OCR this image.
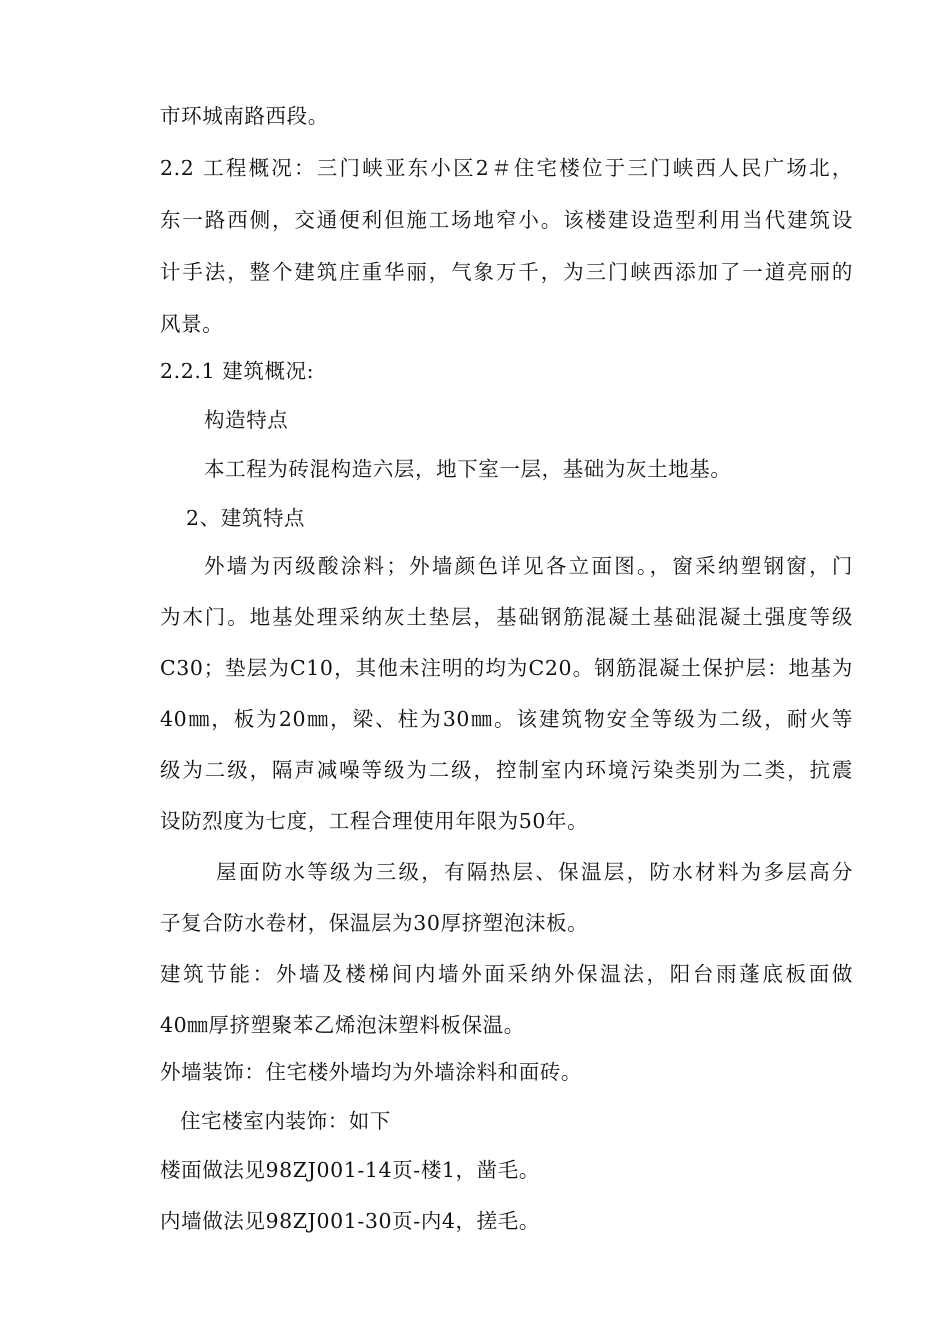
市环城南路西段。
2.2 工程概况：三门峡亚东小区2＃住宅楼位于三门峡西人民广场北，
东一路西侧，交通便利但施工场地窄小。该楼建设造型利用当代建筑设
计手法，整个建筑庄重华丽，气象万千，为三门峡西添加了一道亮丽的
风景。
2.2.1 建筑概况:
构造特点
本工程为砖混构造六层，地下室一层，基础为灰土地基。
2、建筑特点
外墙为丙级酸涂料；外墙颜色详见各立面图。，窗采纳塑钢窗，门
为木门。地基处理采纳灰土垫层，基础钢筋混凝土基础混凝土强度等级
C30；垫层为C10，其他未注明的均为C20。钢筋混凝土保护层：地基为
40㎜，板为20㎜，梁、柱为30㎜。该建筑物安全等级为二级，耐火等
级为二级，隔声减噪等级为二级，控制室内环境污染类别为二类，抗震
设防烈度为七度，工程合理使用年限为50年。
屋面防水等级为三级，有隔热层、保温层，防水材料为多层高分
子复合防水卷材，保温层为30厚挤塑泡沫板。
建筑节能：外墙及楼梯间内墙外面采纳外保温法，阳台雨蓬底板面做
40㎜厚挤塑聚苯乙烯泡沫塑料板保温。
外墙装饰：住宅楼外墙均为外墙涂料和面砖。
住宅楼室内装饰：如下
楼面做法见98ZJ001-14页-楼1，凿毛。
内墙做法见98ZJ001-30页-内4，搓毛。
